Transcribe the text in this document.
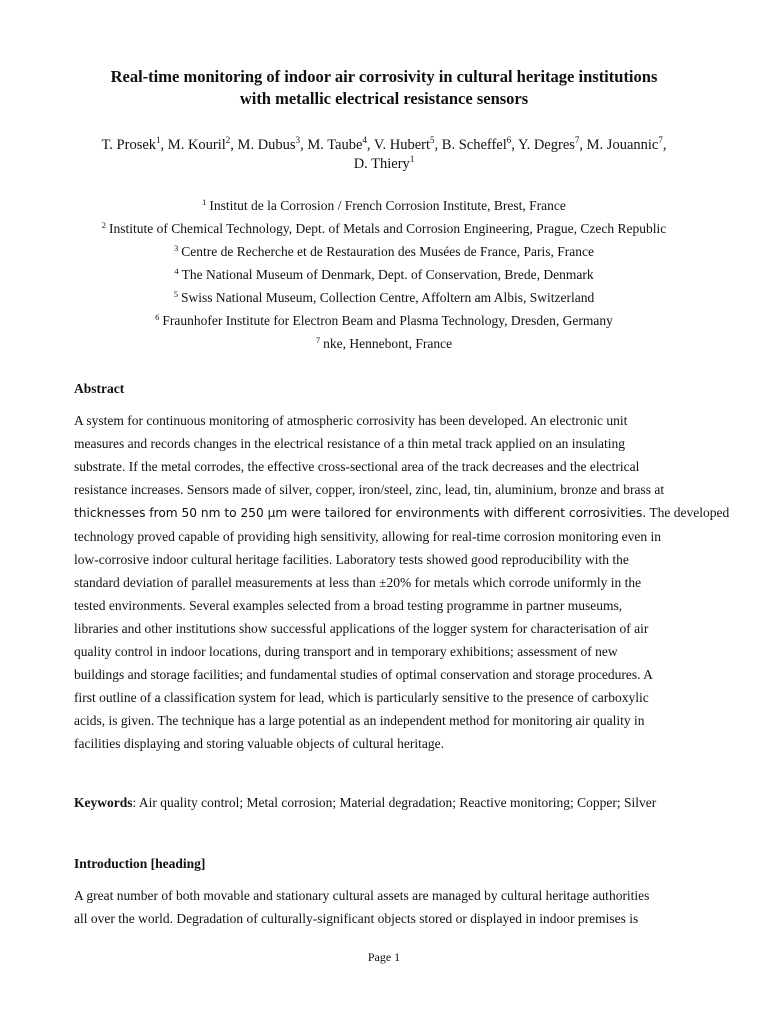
Real-time monitoring of indoor air corrosivity in cultural heritage institutions
with metallic electrical resistance sensors
T. Prosek$^1$, M. Kouril$^2$, M. Dubus$^3$, M. Taube$^4$, V. Hubert$^5$, B. Scheffel$^6$, Y. Degres$^7$, M. Jouannic$^7$,
D. Thiery$^1$
$^1$ Institut de la Corrosion / French Corrosion Institute, Brest, France
$^2$ Institute of Chemical Technology, Dept. of Metals and Corrosion Engineering, Prague, Czech Republic
$^3$ Centre de Recherche et de Restauration des Musées de France, Paris, France
$^4$ The National Museum of Denmark, Dept. of Conservation, Brede, Denmark
$^5$ Swiss National Museum, Collection Centre, Affoltern am Albis, Switzerland
$^6$ Fraunhofer Institute for Electron Beam and Plasma Technology, Dresden, Germany
$^7$ nke, Hennebont, France
Abstract
A system for continuous monitoring of atmospheric corrosivity has been developed. An electronic unit
measures and records changes in the electrical resistance of a thin metal track applied on an insulating
substrate. If the metal corrodes, the effective cross-sectional area of the track decreases and the electrical
resistance increases. Sensors made of silver, copper, iron/steel, zinc, lead, tin, aluminium, bronze and brass at
thicknesses from 50 nm to 250 µm were tailored for environments with different corrosivities. The developed
technology proved capable of providing high sensitivity, allowing for real-time corrosion monitoring even in
low-corrosive indoor cultural heritage facilities. Laboratory tests showed good reproducibility with the
standard deviation of parallel measurements at less than ±20% for metals which corrode uniformly in the
tested environments. Several examples selected from a broad testing programme in partner museums,
libraries and other institutions show successful applications of the logger system for characterisation of air
quality control in indoor locations, during transport and in temporary exhibitions; assessment of new
buildings and storage facilities; and fundamental studies of optimal conservation and storage procedures. A
first outline of a classification system for lead, which is particularly sensitive to the presence of carboxylic
acids, is given. The technique has a large potential as an independent method for monitoring air quality in
facilities displaying and storing valuable objects of cultural heritage.
Keywords: Air quality control; Metal corrosion; Material degradation; Reactive monitoring; Copper; Silver
Introduction [heading]
A great number of both movable and stationary cultural assets are managed by cultural heritage authorities
all over the world. Degradation of culturally-significant objects stored or displayed in indoor premises is
Page 1
